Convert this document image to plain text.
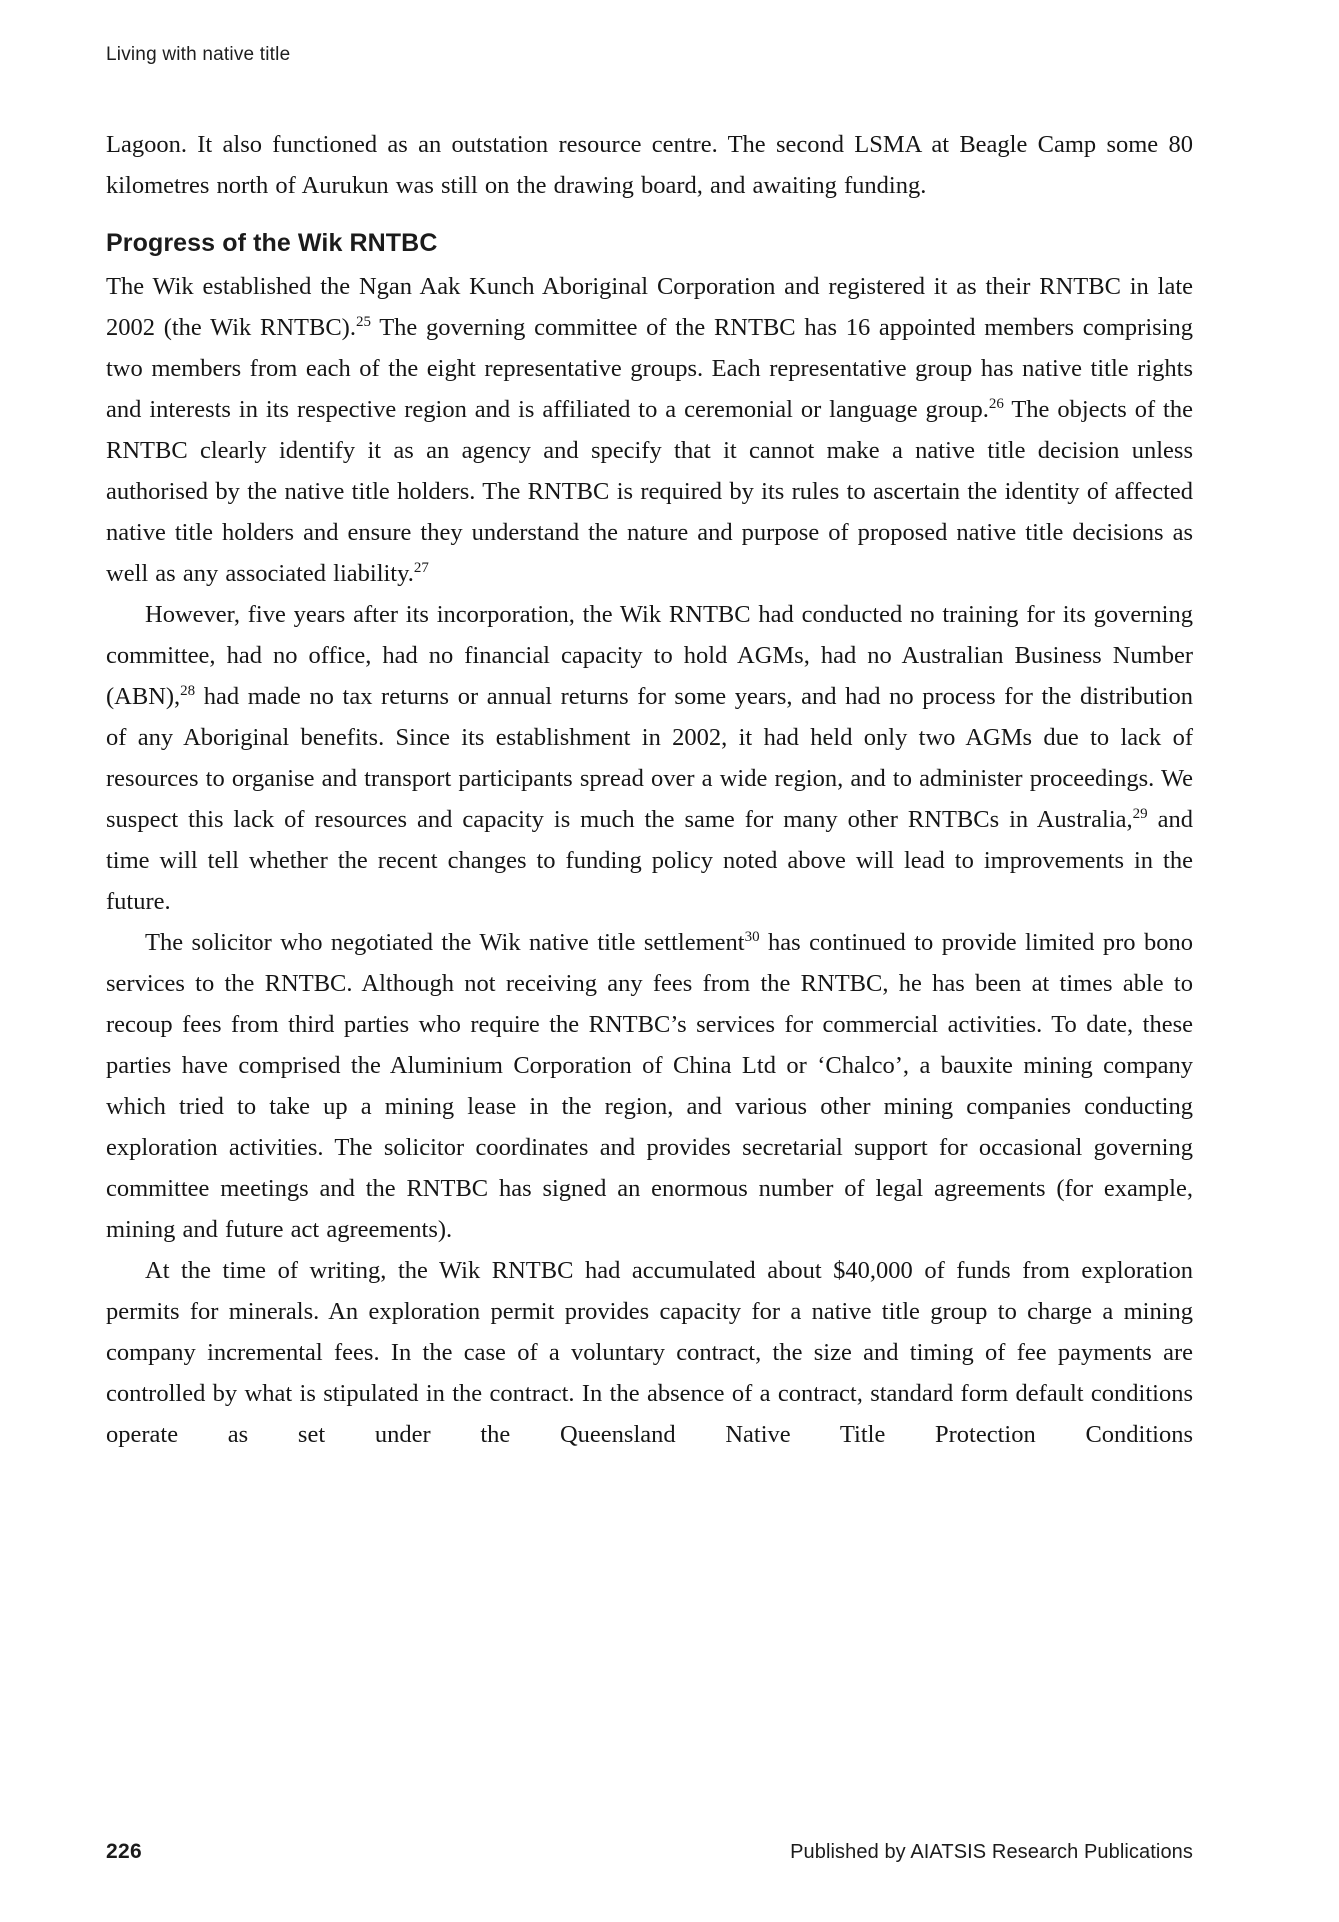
Living with native title

Lagoon. It also functioned as an outstation resource centre. The second LSMA at Beagle Camp some 80 kilometres north of Aurukun was still on the drawing board, and awaiting funding.

Progress of the Wik RNTBC

The Wik established the Ngan Aak Kunch Aboriginal Corporation and registered it as their RNTBC in late 2002 (the Wik RNTBC).$^{25}$ The governing committee of the RNTBC has 16 appointed members comprising two members from each of the eight representative groups. Each representative group has native title rights and interests in its respective region and is affiliated to a ceremonial or language group.$^{26}$ The objects of the RNTBC clearly identify it as an agency and specify that it cannot make a native title decision unless authorised by the native title holders. The RNTBC is required by its rules to ascertain the identity of affected native title holders and ensure they understand the nature and purpose of proposed native title decisions as well as any associated liability.$^{27}$

However, five years after its incorporation, the Wik RNTBC had conducted no training for its governing committee, had no office, had no financial capacity to hold AGMs, had no Australian Business Number (ABN),$^{28}$ had made no tax returns or annual returns for some years, and had no process for the distribution of any Aboriginal benefits. Since its establishment in 2002, it had held only two AGMs due to lack of resources to organise and transport participants spread over a wide region, and to administer proceedings. We suspect this lack of resources and capacity is much the same for many other RNTBCs in Australia,$^{29}$ and time will tell whether the recent changes to funding policy noted above will lead to improvements in the future.

The solicitor who negotiated the Wik native title settlement$^{30}$ has continued to provide limited pro bono services to the RNTBC. Although not receiving any fees from the RNTBC, he has been at times able to recoup fees from third parties who require the RNTBC’s services for commercial activities. To date, these parties have comprised the Aluminium Corporation of China Ltd or ‘Chalco’, a bauxite mining company which tried to take up a mining lease in the region, and various other mining companies conducting exploration activities. The solicitor coordinates and provides secretarial support for occasional governing committee meetings and the RNTBC has signed an enormous number of legal agreements (for example, mining and future act agreements).

At the time of writing, the Wik RNTBC had accumulated about $40,000 of funds from exploration permits for minerals. An exploration permit provides capacity for a native title group to charge a mining company incremental fees. In the case of a voluntary contract, the size and timing of fee payments are controlled by what is stipulated in the contract. In the absence of a contract, standard form default conditions operate as set under the Queensland Native Title Protection Conditions

226	Published by AIATSIS Research Publications
